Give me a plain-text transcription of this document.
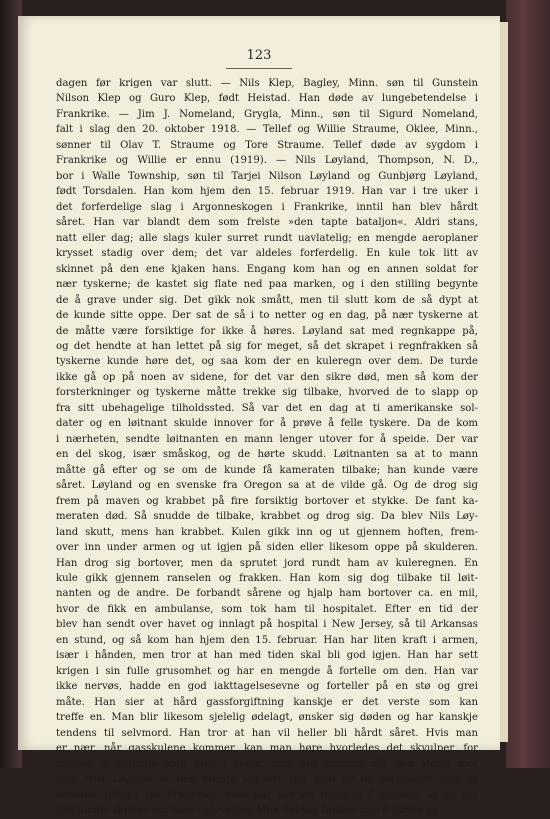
123
dagen før krigen var slutt. — Nils Klep, Bagley, Minn. søn til Gunstein
Nilson Klep og Guro Klep, født Heistad. Han døde av lungebetendelse i
Frankrike. — Jim J. Nomeland, Grygla, Minn., søn til Sigurd Nomeland,
falt i slag den 20. oktober 1918. — Tellef og Willie Straume, Oklee, Minn.,
sønner til Olav T. Straume og Tore Straume. Tellef døde av sygdom i
Frankrike og Willie er ennu (1919). — Nils Løyland, Thompson, N. D.,
bor i Walle Township, søn til Tarjei Nilson Løyland og Gunbjørg Løyland,
født Torsdalen. Han kom hjem den 15. februar 1919. Han var i tre uker i
det forferdelige slag i Argonneskogen i Frankrike, inntil han blev hårdt
såret. Han var blandt dem som frelste »den tapte bataljon«. Aldri stans,
natt eller dag; alle slags kuler surret rundt uavlatelig; en mengde aeroplaner
krysset stadig over dem; det var aldeles forferdelig. En kule tok litt av
skinnet på den ene kjaken hans. Engang kom han og en annen soldat for
nær tyskerne; de kastet sig flate ned paa marken, og i den stilling begynte
de å grave under sig. Det gikk nok smått, men til slutt kom de så dypt at
de kunde sitte oppe. Der sat de så i to netter og en dag, på nær tyskerne at
de måtte være forsiktige for ikke å høres. Løyland sat med regnkappe på,
og det hendte at han lettet på sig for meget, så det skrapet i regnfrakken så
tyskerne kunde høre det, og saa kom der en kuleregn over dem. De turde
ikke gå op på noen av sidene, for det var den sikre død, men så kom der
forsterkninger og tyskerne måtte trekke sig tilbake, hvorved de to slapp op
fra sitt ubehagelige tilholdssted. Så var det en dag at ti amerikanske sol-
dater og en løitnant skulde innover for å prøve å felle tyskere. Da de kom
i nærheten, sendte løitnanten en mann lenger utover for å speide. Der var
en del skog, især småskog, og de hørte skudd. Løitnanten sa at to mann
måtte gå efter og se om de kunde få kameraten tilbake; han kunde være
såret. Løyland og en svenske fra Oregon sa at de vilde gå. Og de drog sig
frem på maven og krabbet på fire forsiktig bortover et stykke. De fant ka-
meraten død. Så snudde de tilbake, krabbet og drog sig. Da blev Nils Løy-
land skutt, mens han krabbet. Kulen gikk inn og ut gjennem hoften, frem-
over inn under armen og ut igjen på siden eller likesom oppe på skulderen.
Han drog sig bortover, men da sprutet jord rundt ham av kuleregnen. En
kule gikk gjennem ranselen og frakken. Han kom sig dog tilbake til løit-
nanten og de andre. De forbandt sårene og hjalp ham bortover ca. en mil,
hvor de fikk en ambulanse, som tok ham til hospitalet. Efter en tid der
blev han sendt over havet og innlagt på hospital i New Jersey, så til Arkansas
en stund, og så kom han hjem den 15. februar. Han har liten kraft i armen,
især i hånden, men tror at han med tiden skal bli god igjen. Han har sett
krigen i sin fulle grusomhet og har en mengde å fortelle om den. Han var
ikke nervøs, hadde en god iakttagelsesevne og forteller på en stø og grei
måte. Han sier at hård gassforgiftning kanskje er det verste som kan
treffe en. Man blir likesom sjelelig ødelagt, ønsker sig døden og har kanskje
tendens til selvmord. Han tror at han vil heller bli hårdt såret. Hvis man
er nær, når gasskulene kommer, kan man høre hvorledes det skvulper, for
gassen er flytende stoff inne i kulen, som blir sprengt når den støter mot
noe. Nils Løyland er den eneste jeg har talt med av de setesdøler som er
kommet tilbake fra Frankrike. Han har slik en mengde å fortelle, at en hel
bok kunde skrives om hans oplevelser. Men det var tanken min å skrive en
